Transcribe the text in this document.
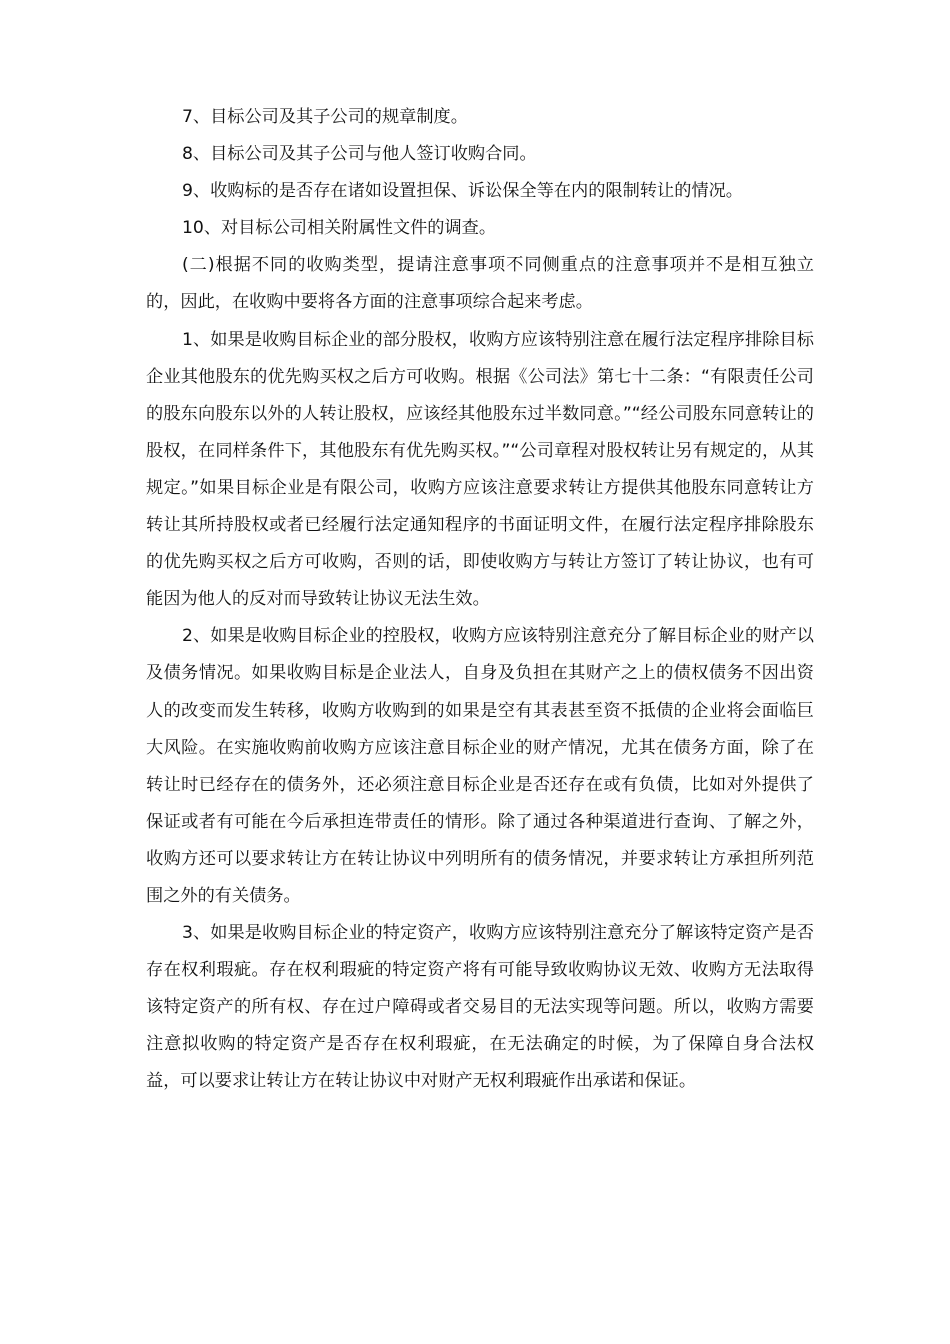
7、目标公司及其子公司的规章制度。

8、目标公司及其子公司与他人签订收购合同。

9、收购标的是否存在诸如设置担保、诉讼保全等在内的限制转让的情况。

10、对目标公司相关附属性文件的调查。

(二)根据不同的收购类型，提请注意事项不同侧重点的注意事项并不是相互独立的，因此，在收购中要将各方面的注意事项综合起来考虑。

1、如果是收购目标企业的部分股权，收购方应该特别注意在履行法定程序排除目标企业其他股东的优先购买权之后方可收购。根据《公司法》第七十二条：“有限责任公司的股东向股东以外的人转让股权，应该经其他股东过半数同意。”“经公司股东同意转让的股权，在同样条件下，其他股东有优先购买权。”“公司章程对股权转让另有规定的，从其规定。”如果目标企业是有限公司，收购方应该注意要求转让方提供其他股东同意转让方转让其所持股权或者已经履行法定通知程序的书面证明文件，在履行法定程序排除股东的优先购买权之后方可收购，否则的话，即使收购方与转让方签订了转让协议，也有可能因为他人的反对而导致转让协议无法生效。

2、如果是收购目标企业的控股权，收购方应该特别注意充分了解目标企业的财产以及债务情况。如果收购目标是企业法人，自身及负担在其财产之上的债权债务不因出资人的改变而发生转移，收购方收购到的如果是空有其表甚至资不抵债的企业将会面临巨大风险。在实施收购前收购方应该注意目标企业的财产情况，尤其在债务方面，除了在转让时已经存在的债务外，还必须注意目标企业是否还存在或有负债，比如对外提供了保证或者有可能在今后承担连带责任的情形。除了通过各种渠道进行查询、了解之外，收购方还可以要求转让方在转让协议中列明所有的债务情况，并要求转让方承担所列范围之外的有关债务。

3、如果是收购目标企业的特定资产，收购方应该特别注意充分了解该特定资产是否存在权利瑕疵。存在权利瑕疵的特定资产将有可能导致收购协议无效、收购方无法取得该特定资产的所有权、存在过户障碍或者交易目的无法实现等问题。所以，收购方需要注意拟收购的特定资产是否存在权利瑕疵，在无法确定的时候，为了保障自身合法权益，可以要求让转让方在转让协议中对财产无权利瑕疵作出承诺和保证。
